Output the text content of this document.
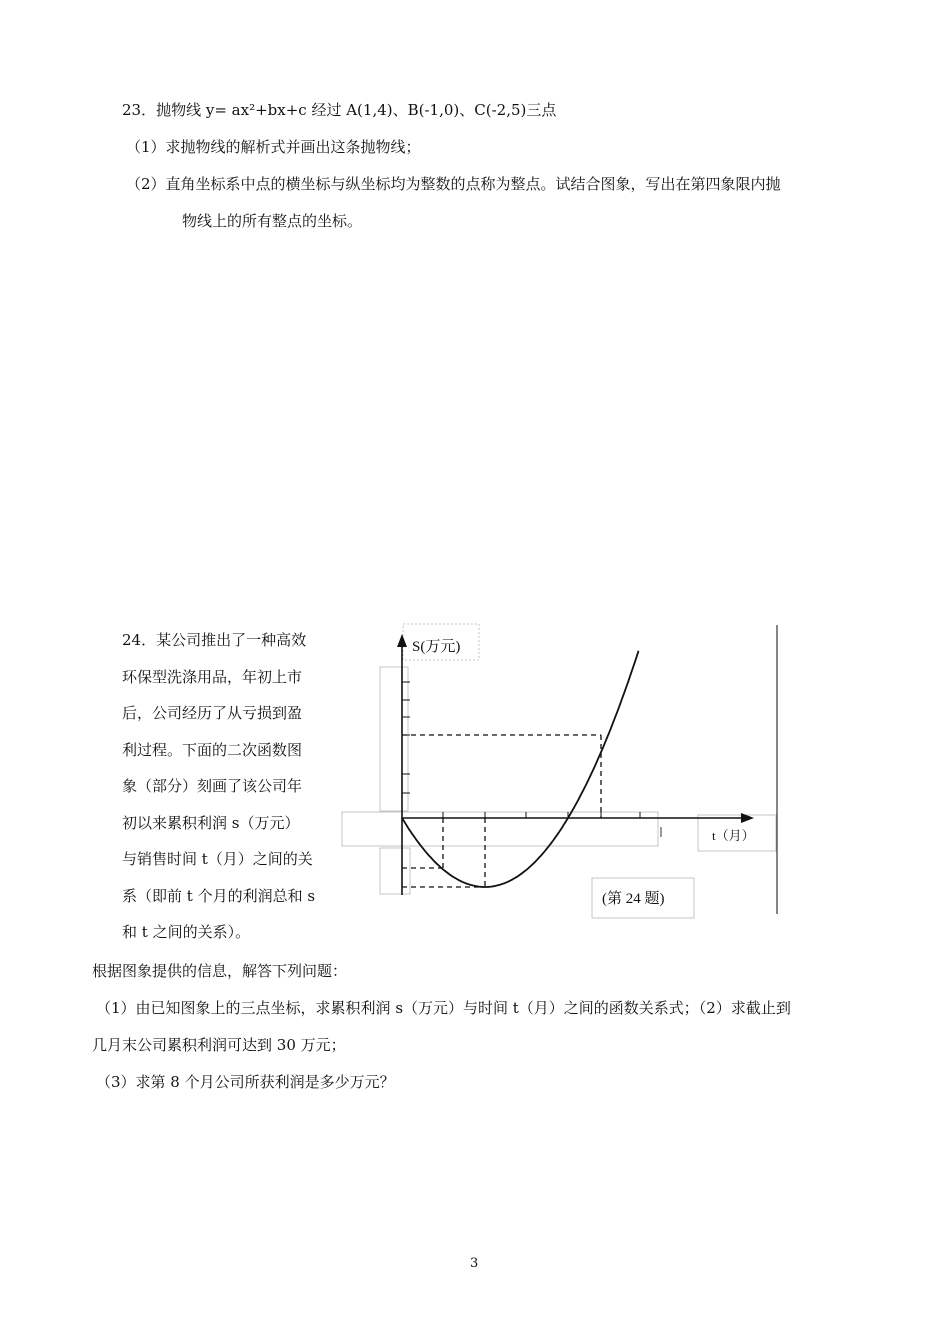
23．抛物线 y= ax²+bx+c 经过 A(1,4)、B(-1,0)、C(-2,5)三点
（1）求抛物线的解析式并画出这条抛物线；
（2）直角坐标系中点的横坐标与纵坐标均为整数的点称为整点。试结合图象，写出在第四象限内抛
物线上的所有整点的坐标。
24．某公司推出了一种高效
环保型洗涤用品，年初上市
后，公司经历了从亏损到盈
利过程。下面的二次函数图
象（部分）刻画了该公司年
初以来累积利润 s（万元）
与销售时间 t（月）之间的关
系（即前 t 个月的利润总和 s
和 t 之间的关系）。
S(万元)
t（月）
(第 24 题)
根据图象提供的信息，解答下列问题：
（1）由已知图象上的三点坐标，求累积利润 s（万元）与时间 t（月）之间的函数关系式；（2）求截止到
几月末公司累积利润可达到 30 万元；
（3）求第 8 个月公司所获利润是多少万元？
3
